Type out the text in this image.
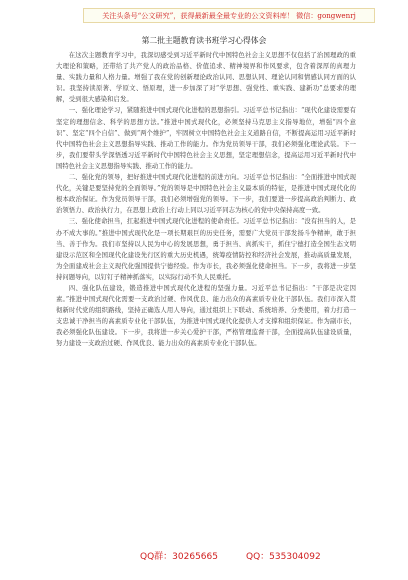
关注头条号“公文研究”，获得最新最全最专业的公文资料库！ 微信：gongwenrj
第二批主题教育读书班学习心得体会

在这次主题教育学习中，我深切感受到习近平新时代中国特色社会主义思想不仅包括了治国理政的重大理论和策略，还带给了共产党人的政治品格、价值追求、精神境界和作风要求，包含着深厚的真理力量、实践力量和人格力量。增强了我在党的创新理论政治认同、思想认同、理论认同和情感认同方面的认识。我坚持读原著、学原文、悟原理，进一步加深了对“学思想、强党性、重实践、建新功”总要求的理解，受到很大感染和启发。

一、强化理论学习，紧随推进中国式现代化进程的思想指引。习近平总书记指出：“现代化建设需要有坚定的理想信念、科学的思想方法。”推进中国式现代化，必须坚持马克思主义指导地位，增强“四个意识”、坚定“四个自信”、做到“两个维护”，牢固树立中国特色社会主义道路自信，不断提高运用习近平新时代中国特色社会主义思想指导实践、推动工作的能力。作为党员领导干部，我们必须强化理论武装。下一步，我们要带头学深悟透习近平新时代中国特色社会主义思想，坚定理想信念，提高运用习近平新时代中国特色社会主义思想指导实践、推动工作的能力。

二、强化党的领导，把好推进中国式现代化进程的前进方向。习近平总书记指出：“全面推进中国式现代化，关键是要坚持党的全面领导。”党的领导是中国特色社会主义最本质的特征，是推进中国式现代化的根本政治保证。作为党员领导干部，我们必须增强党的领导。下一步，我们要进一步提高政治判断力、政治领悟力、政治执行力，在思想上政治上行动上同以习近平同志为核心的党中央保持高度一致。

三、强化使命担当，扛起推进中国式现代化进程的使命责任。习近平总书记指出：“没有担当的人，是办不成大事的。”推进中国式现代化是一项长期艰巨的历史任务，需要广大党员干部发扬斗争精神，敢于担当、善于作为。我们市坚持以人民为中心的发展思想，勇于担当、真抓实干，抓住宁德打造全国生态文明建设示范区和全国现代化建设先行区的重大历史机遇，统筹疫情防控和经济社会发展，推动高质量发展，为全面建成社会主义现代化强国提供宁德经验。作为市长，我必须强化使命担当。下一步，我将进一步坚持问题导向，以钉钉子精神抓落实，以实际行动不负人民重托。

四、强化队伍建设，锻造推进中国式现代化进程的坚强力量。习近平总书记指出：“干部是决定因素。”推进中国式现代化需要一支政治过硬、作风优良、能力出众的高素质专业化干部队伍。我们市深入贯彻新时代党的组织路线，坚持正确选人用人导向，通过组织上下联动、系统培养、分类使用，着力打造一支忠诚干净担当的高素质专业化干部队伍，为推进中国式现代化提供人才支撑和组织保证。作为副市长，我必须强化队伍建设。下一步，我将进一步关心爱护干部，严格管理监督干部，全面提高队伍建设质量，努力建设一支政治过硬、作风优良、能力出众的高素质专业化干部队伍。

QQ群：30265665	QQ：535304092
